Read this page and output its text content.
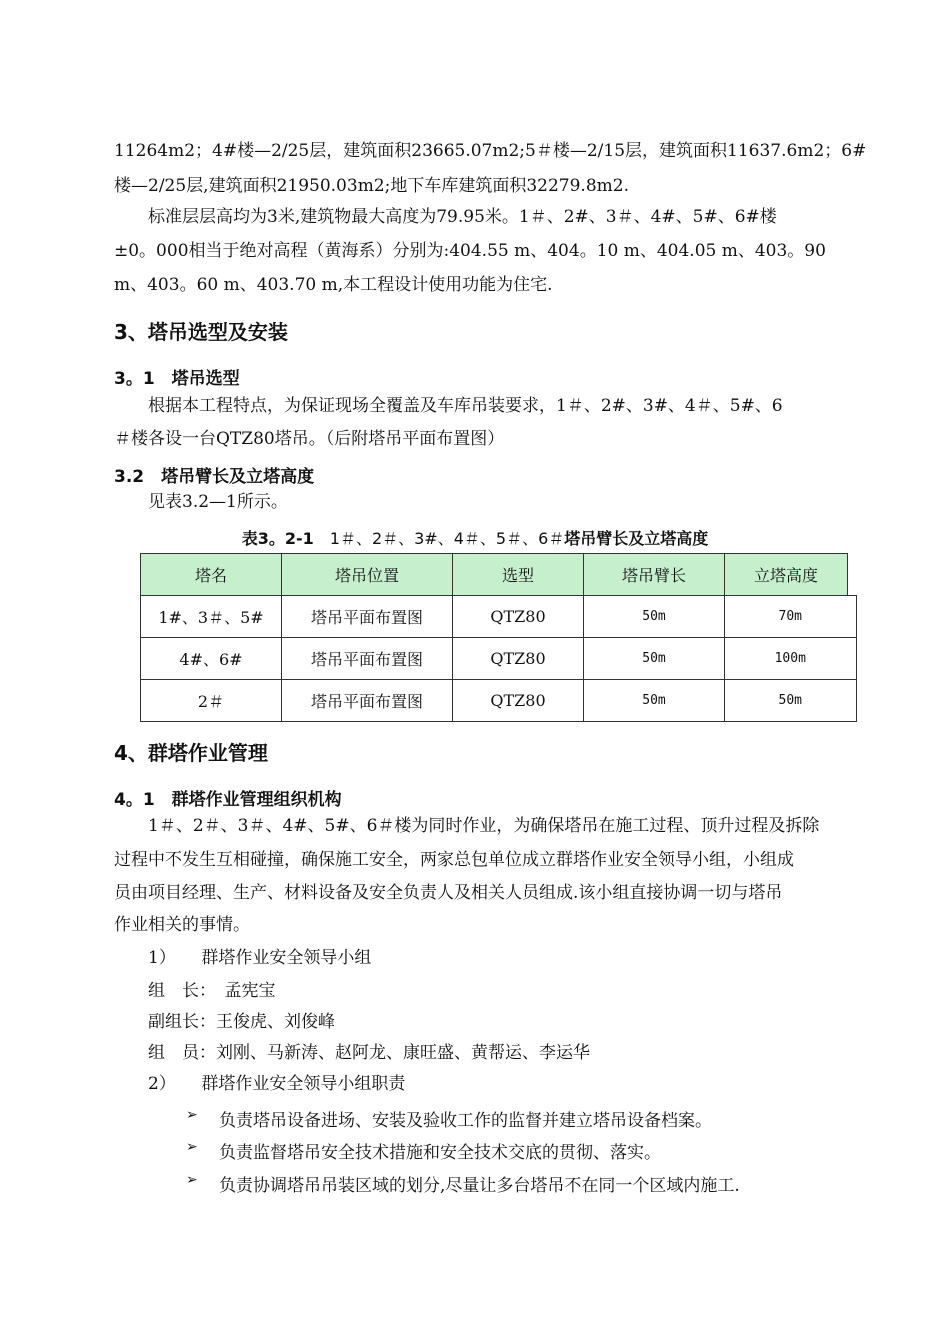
11264m2；4#楼—2/25层，建筑面积23665.07m2;5＃楼—2/15层，建筑面积11637.6m2；6#
楼—2/25层,建筑面积21950.03m2;地下车库建筑面积32279.8m2.
标准层层高均为3米,建筑物最大高度为79.95米。1＃、2#、3＃、4#、5#、6#楼
±0。000相当于绝对高程（黄海系）分别为:404.55 m、404。10 m、404.05 m、403。90
m、403。60 m、403.70 m,本工程设计使用功能为住宅.
3、塔吊选型及安装
3。1　塔吊选型
根据本工程特点，为保证现场全覆盖及车库吊装要求，1＃、2#、3#、4＃、5#、6
＃楼各设一台QTZ80塔吊。（后附塔吊平面布置图）
3.2　塔吊臂长及立塔高度
见表3.2—1所示。
表3。2-1　1＃、2＃、3#、4＃、5＃、6＃塔吊臂长及立塔高度
塔名	塔吊位置	选型	塔吊臂长	立塔高度	
1#、3＃、5#	塔吊平面布置图	QTZ80	50m	70m	
4#、6#	塔吊平面布置图	QTZ80	50m	100m	
2＃	塔吊平面布置图	QTZ80	50m	50m	
4、群塔作业管理
4。1　群塔作业管理组织机构
1＃、2＃、3＃、4#、5#、6＃楼为同时作业，为确保塔吊在施工过程、顶升过程及拆除
过程中不发生互相碰撞，确保施工安全，两家总包单位成立群塔作业安全领导小组，小组成
员由项目经理、生产、材料设备及安全负责人及相关人员组成.该小组直接协调一切与塔吊
作业相关的事情。
1）　　群塔作业安全领导小组
组　长：　孟宪宝
副组长：王俊虎、刘俊峰
组　员：刘刚、马新涛、赵阿龙、康旺盛、黄帮运、李运华
2）　　群塔作业安全领导小组职责
➢ 负责塔吊设备进场、安装及验收工作的监督并建立塔吊设备档案。
➢ 负责监督塔吊安全技术措施和安全技术交底的贯彻、落实。
➢ 负责协调塔吊吊装区域的划分,尽量让多台塔吊不在同一个区域内施工.
